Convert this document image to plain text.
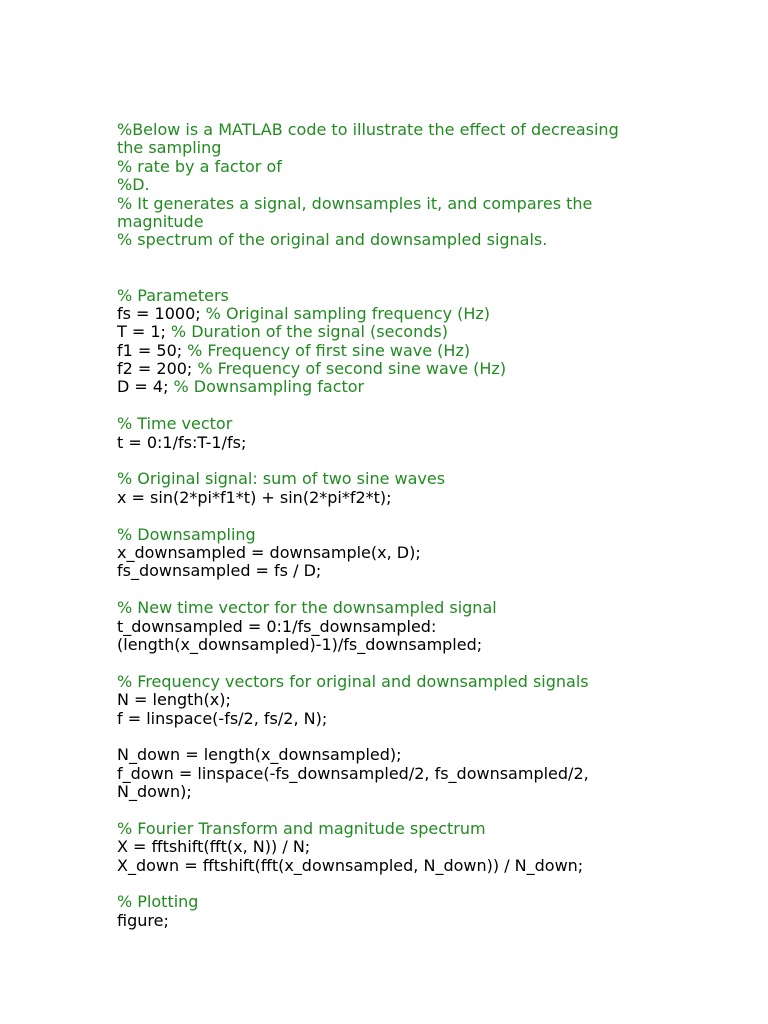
%Below is a MATLAB code to illustrate the effect of decreasing
the sampling
% rate by a factor of
%D.
% It generates a signal, downsamples it, and compares the
magnitude
% spectrum of the original and downsampled signals.
% Parameters
fs = 1000; % Original sampling frequency (Hz)
T = 1; % Duration of the signal (seconds)
f1 = 50; % Frequency of first sine wave (Hz)
f2 = 200; % Frequency of second sine wave (Hz)
D = 4; % Downsampling factor
% Time vector
t = 0:1/fs:T-1/fs;
% Original signal: sum of two sine waves
x = sin(2*pi*f1*t) + sin(2*pi*f2*t);
% Downsampling
x_downsampled = downsample(x, D);
fs_downsampled = fs / D;
% New time vector for the downsampled signal
t_downsampled = 0:1/fs_downsampled:
(length(x_downsampled)-1)/fs_downsampled;
% Frequency vectors for original and downsampled signals
N = length(x);
f = linspace(-fs/2, fs/2, N);
N_down = length(x_downsampled);
f_down = linspace(-fs_downsampled/2, fs_downsampled/2,
N_down);
% Fourier Transform and magnitude spectrum
X = fftshift(fft(x, N)) / N;
X_down = fftshift(fft(x_downsampled, N_down)) / N_down;
% Plotting
figure;
